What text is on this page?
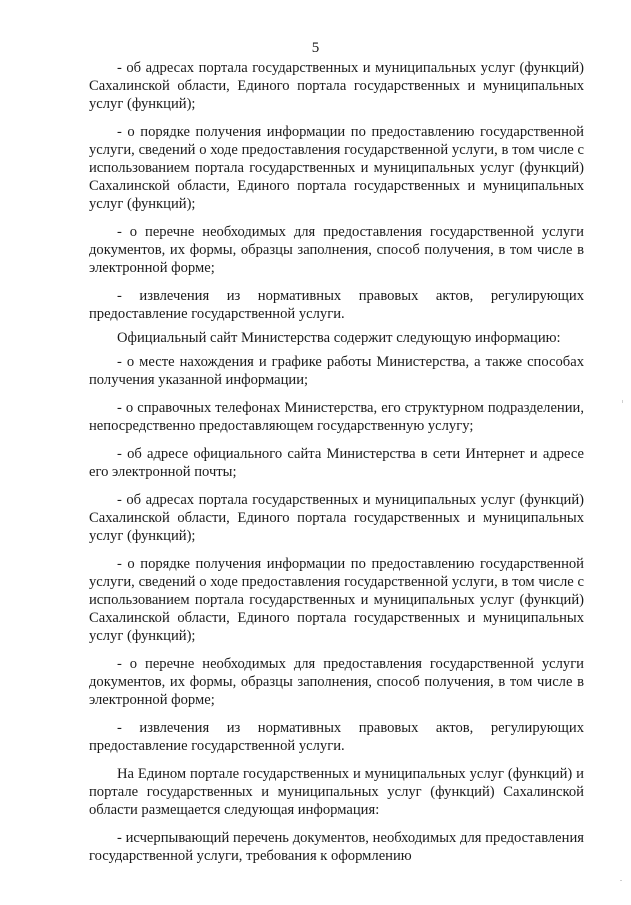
5

- об адресах портала государственных и муниципальных услуг (функций) Сахалинской области, Единого портала государственных и муниципальных услуг (функций);

- о порядке получения информации по предоставлению государственной услуги, сведений о ходе предоставления государственной услуги, в том числе с использованием портала государственных и муниципальных услуг (функций) Сахалинской области, Единого портала государственных и муниципальных услуг (функций);

- о перечне необходимых для предоставления государственной услуги документов, их формы, образцы заполнения, способ получения, в том числе в электронной форме;

- извлечения из нормативных правовых актов, регулирующих предоставление государственной услуги.

Официальный сайт Министерства содержит следующую информацию:

- о месте нахождения и графике работы Министерства, а также способах получения указанной информации;

- о справочных телефонах Министерства, его структурном подразделении, непосредственно предоставляющем государственную услугу;

- об адресе официального сайта Министерства в сети Интернет и адресе его электронной почты;

- об адресах портала государственных и муниципальных услуг (функций) Сахалинской области, Единого портала государственных и муниципальных услуг (функций);

- о порядке получения информации по предоставлению государственной услуги, сведений о ходе предоставления государственной услуги, в том числе с использованием портала государственных и муниципальных услуг (функций) Сахалинской области, Единого портала государственных и муниципальных услуг (функций);

- о перечне необходимых для предоставления государственной услуги документов, их формы, образцы заполнения, способ получения, в том числе в электронной форме;

- извлечения из нормативных правовых актов, регулирующих предоставление государственной услуги.

На Едином портале государственных и муниципальных услуг (функций) и портале государственных и муниципальных услуг (функций) Сахалинской области размещается следующая информация:

- исчерпывающий перечень документов, необходимых для предоставления государственной услуги, требования к оформлению
